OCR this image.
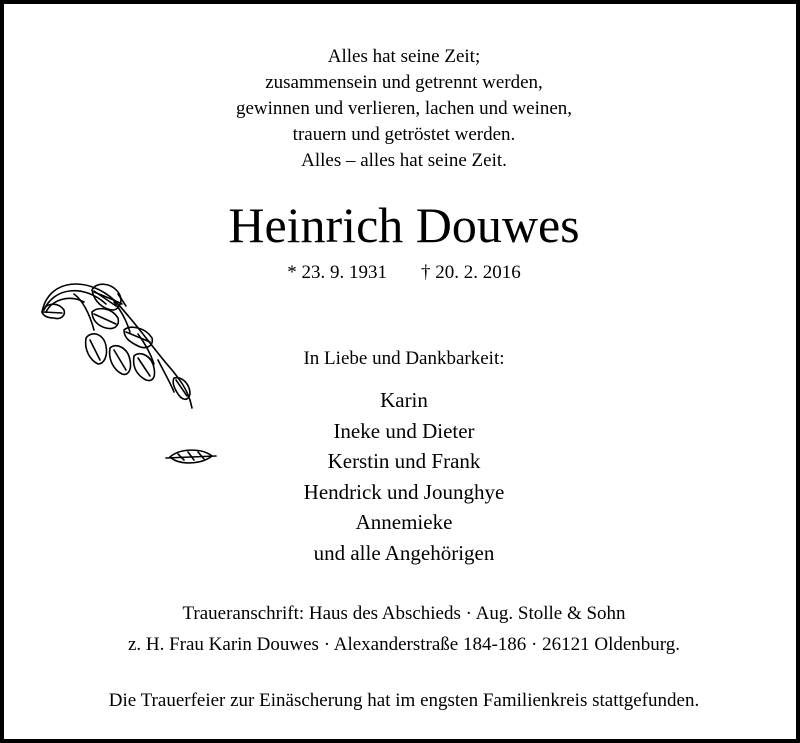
Alles hat seine Zeit;
zusammensein und getrennt werden,
gewinnen und verlieren, lachen und weinen,
trauern und getröstet werden.
Alles – alles hat seine Zeit.
Heinrich Douwes
* 23. 9. 1931 † 20. 2. 2016
In Liebe und Dankbarkeit:
Karin
Ineke und Dieter
Kerstin und Frank
Hendrick und Jounghye
Annemieke
und alle Angehörigen
Traueranschrift: Haus des Abschieds · Aug. Stolle & Sohn
z. H. Frau Karin Douwes · Alexanderstraße 184-186 · 26121 Oldenburg.
Die Trauerfeier zur Einäscherung hat im engsten Familienkreis stattgefunden.
